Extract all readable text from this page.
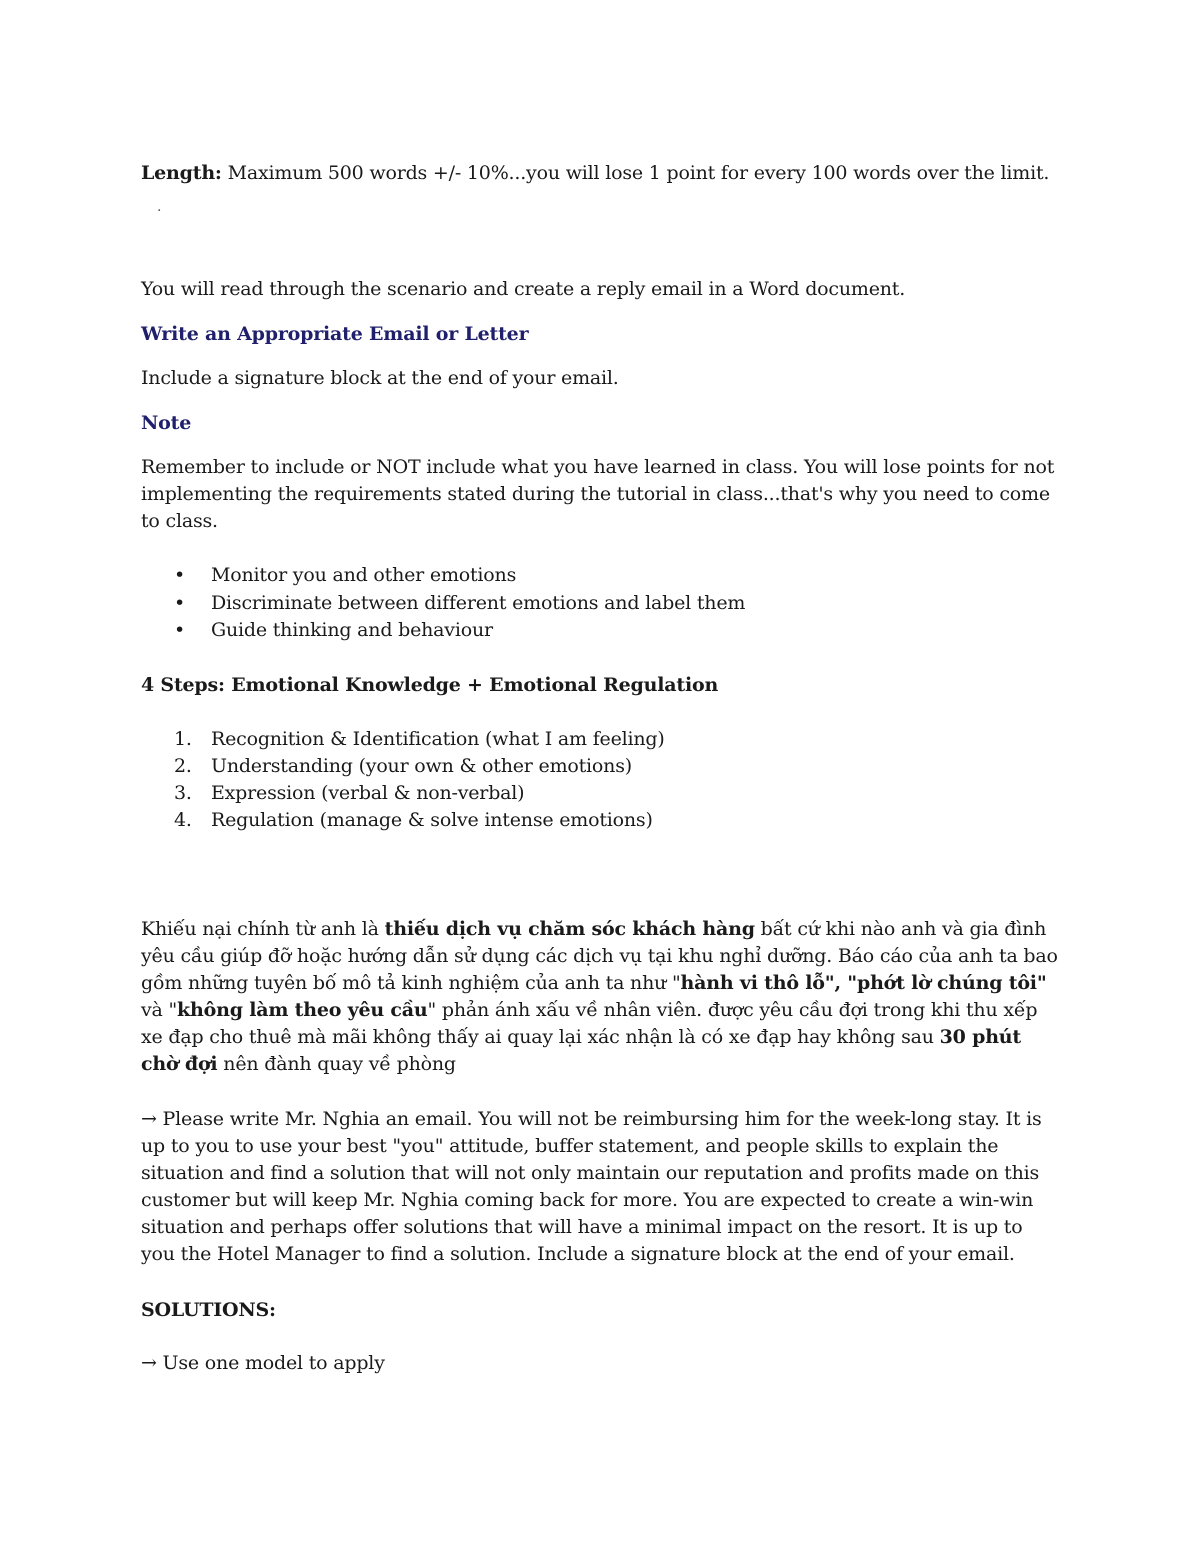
Length: Maximum 500 words +/- 10%...you will lose 1 point for every 100 words over the limit.

.

You will read through the scenario and create a reply email in a Word document.

Write an Appropriate Email or Letter

Include a signature block at the end of your email.

Note

Remember to include or NOT include what you have learned in class. You will lose points for not implementing the requirements stated during the tutorial in class...that's why you need to come to class.

• Monitor you and other emotions
• Discriminate between different emotions and label them
• Guide thinking and behaviour

4 Steps: Emotional Knowledge + Emotional Regulation

1. Recognition & Identification (what I am feeling)
2. Understanding (your own & other emotions)
3. Expression (verbal & non-verbal)
4. Regulation (manage & solve intense emotions)

Khiếu nại chính từ anh là thiếu dịch vụ chăm sóc khách hàng bất cứ khi nào anh và gia đình yêu cầu giúp đỡ hoặc hướng dẫn sử dụng các dịch vụ tại khu nghỉ dưỡng. Báo cáo của anh ta bao gồm những tuyên bố mô tả kinh nghiệm của anh ta như "hành vi thô lỗ", "phớt lờ chúng tôi" và "không làm theo yêu cầu" phản ánh xấu về nhân viên. được yêu cầu đợi trong khi thu xếp xe đạp cho thuê mà mãi không thấy ai quay lại xác nhận là có xe đạp hay không sau 30 phút chờ đợi nên đành quay về phòng

→ Please write Mr. Nghia an email. You will not be reimbursing him for the week-long stay. It is up to you to use your best "you" attitude, buffer statement, and people skills to explain the situation and find a solution that will not only maintain our reputation and profits made on this customer but will keep Mr. Nghia coming back for more. You are expected to create a win-win situation and perhaps offer solutions that will have a minimal impact on the resort. It is up to you the Hotel Manager to find a solution. Include a signature block at the end of your email.

SOLUTIONS:

→ Use one model to apply
